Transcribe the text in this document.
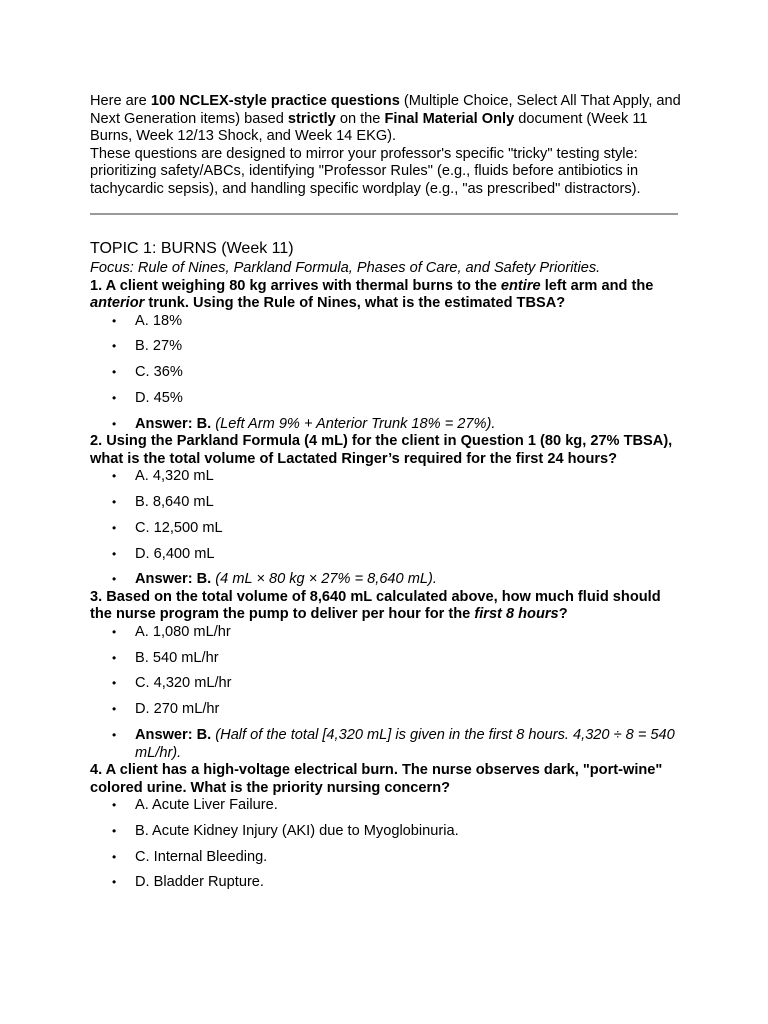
Here are 100 NCLEX-style practice questions (Multiple Choice, Select All That Apply, and Next Generation items) based strictly on the Final Material Only document (Week 11 Burns, Week 12/13 Shock, and Week 14 EKG).

These questions are designed to mirror your professor's specific "tricky" testing style: prioritizing safety/ABCs, identifying "Professor Rules" (e.g., fluids before antibiotics in tachycardic sepsis), and handling specific wordplay (e.g., "as prescribed" distractors).

TOPIC 1: BURNS (Week 11)
Focus: Rule of Nines, Parkland Formula, Phases of Care, and Safety Priorities.
1. A client weighing 80 kg arrives with thermal burns to the entire left arm and the anterior trunk. Using the Rule of Nines, what is the estimated TBSA?
• A. 18%
• B. 27%
• C. 36%
• D. 45%
• Answer: B. (Left Arm 9% + Anterior Trunk 18% = 27%).
2. Using the Parkland Formula (4 mL) for the client in Question 1 (80 kg, 27% TBSA), what is the total volume of Lactated Ringer’s required for the first 24 hours?
• A. 4,320 mL
• B. 8,640 mL
• C. 12,500 mL
• D. 6,400 mL
• Answer: B. (4 mL × 80 kg × 27% = 8,640 mL).
3. Based on the total volume of 8,640 mL calculated above, how much fluid should the nurse program the pump to deliver per hour for the first 8 hours?
• A. 1,080 mL/hr
• B. 540 mL/hr
• C. 4,320 mL/hr
• D. 270 mL/hr
• Answer: B. (Half of the total [4,320 mL] is given in the first 8 hours. 4,320 ÷ 8 = 540 mL/hr).
4. A client has a high-voltage electrical burn. The nurse observes dark, "port-wine" colored urine. What is the priority nursing concern?
• A. Acute Liver Failure.
• B. Acute Kidney Injury (AKI) due to Myoglobinuria.
• C. Internal Bleeding.
• D. Bladder Rupture.
